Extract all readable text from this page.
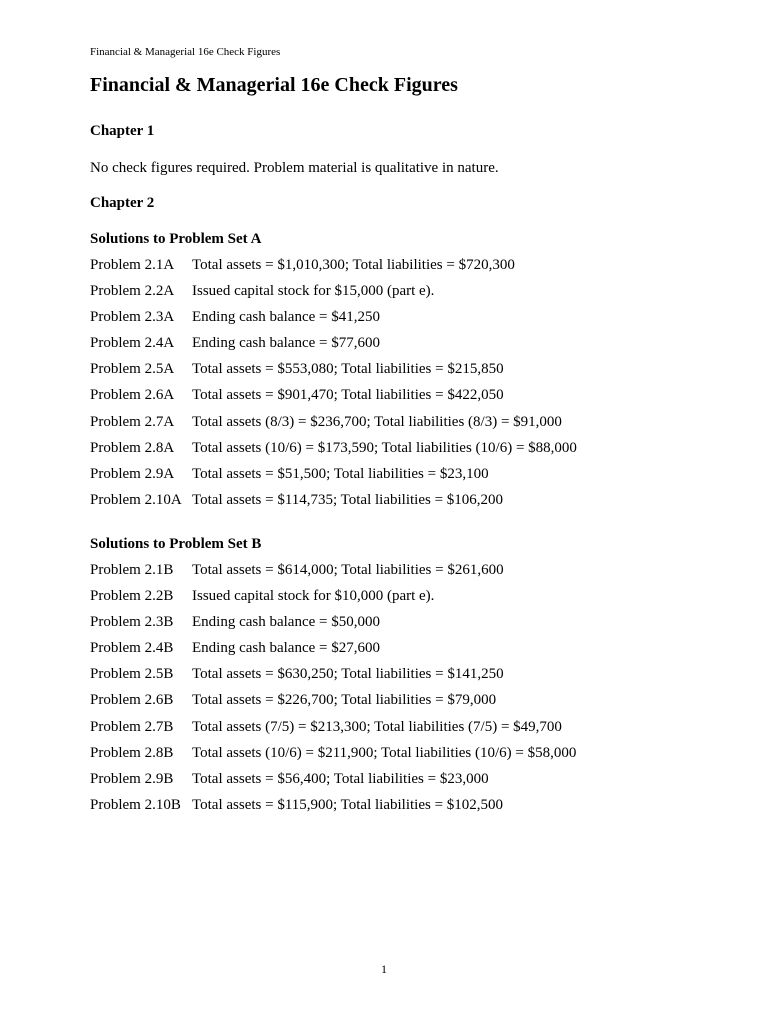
Financial & Managerial 16e Check Figures
Financial & Managerial 16e Check Figures
Chapter 1

No check figures required. Problem material is qualitative in nature.

Chapter 2
Solutions to Problem Set A
Problem 2.1A Total assets = $1,010,300; Total liabilities = $720,300
Problem 2.2A Issued capital stock for $15,000 (part e).
Problem 2.3A Ending cash balance = $41,250
Problem 2.4A Ending cash balance = $77,600
Problem 2.5A Total assets = $553,080; Total liabilities = $215,850
Problem 2.6A Total assets = $901,470; Total liabilities = $422,050
Problem 2.7A Total assets (8/3) = $236,700; Total liabilities (8/3) = $91,000
Problem 2.8A Total assets (10/6) = $173,590; Total liabilities (10/6) = $88,000
Problem 2.9A Total assets = $51,500; Total liabilities = $23,100
Problem 2.10A Total assets = $114,735; Total liabilities = $106,200
Solutions to Problem Set B
Problem 2.1B Total assets = $614,000; Total liabilities = $261,600
Problem 2.2B Issued capital stock for $10,000 (part e).
Problem 2.3B Ending cash balance = $50,000
Problem 2.4B Ending cash balance = $27,600
Problem 2.5B Total assets = $630,250; Total liabilities = $141,250
Problem 2.6B Total assets = $226,700; Total liabilities = $79,000
Problem 2.7B Total assets (7/5) = $213,300; Total liabilities (7/5) = $49,700
Problem 2.8B Total assets (10/6) = $211,900; Total liabilities (10/6) = $58,000
Problem 2.9B Total assets = $56,400; Total liabilities = $23,000
Problem 2.10B Total assets = $115,900; Total liabilities = $102,500
1
